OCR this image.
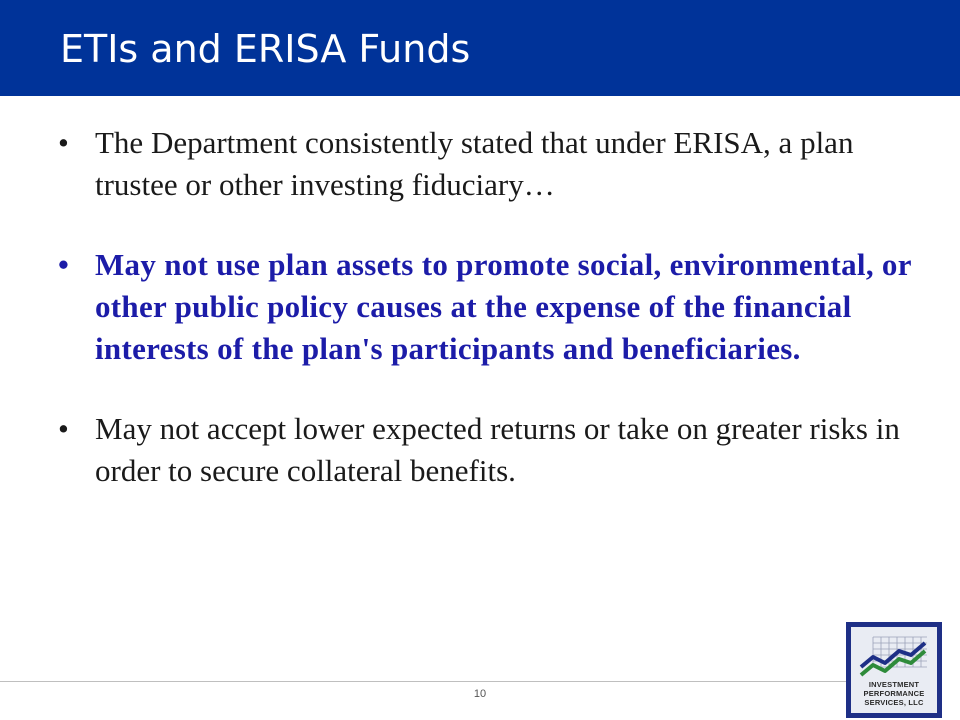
ETIs and ERISA Funds
• The Department consistently stated that under ERISA, a plan trustee or other investing fiduciary…
• May not use plan assets to promote social, environmental, or other public policy causes at the expense of the financial interests of the plan's participants and beneficiaries.
• May not accept lower expected returns or take on greater risks in order to secure collateral benefits.
10
INVESTMENT
PERFORMANCE
SERVICES, LLC
